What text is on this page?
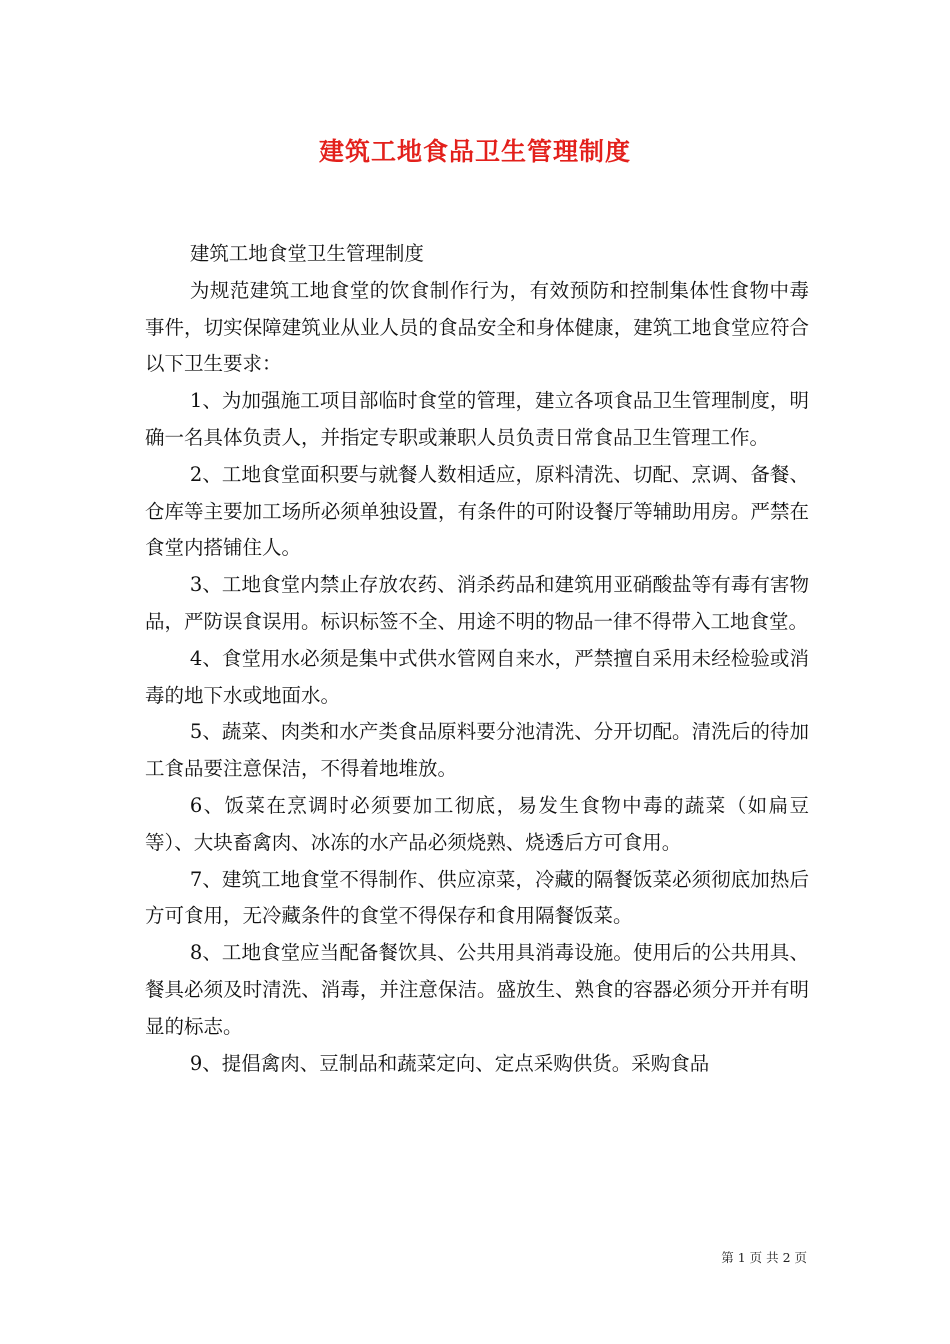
建筑工地食品卫生管理制度

建筑工地食堂卫生管理制度

为规范建筑工地食堂的饮食制作行为，有效预防和控制集体性食物中毒事件，切实保障建筑业从业人员的食品安全和身体健康，建筑工地食堂应符合以下卫生要求：

1、为加强施工项目部临时食堂的管理，建立各项食品卫生管理制度，明确一名具体负责人，并指定专职或兼职人员负责日常食品卫生管理工作。

2、工地食堂面积要与就餐人数相适应，原料清洗、切配、烹调、备餐、仓库等主要加工场所必须单独设置，有条件的可附设餐厅等辅助用房。严禁在食堂内搭铺住人。

3、工地食堂内禁止存放农药、消杀药品和建筑用亚硝酸盐等有毒有害物品，严防误食误用。标识标签不全、用途不明的物品一律不得带入工地食堂。

4、食堂用水必须是集中式供水管网自来水，严禁擅自采用未经检验或消毒的地下水或地面水。

5、蔬菜、肉类和水产类食品原料要分池清洗、分开切配。清洗后的待加工食品要注意保洁，不得着地堆放。

6、饭菜在烹调时必须要加工彻底，易发生食物中毒的蔬菜（如扁豆等）、大块畜禽肉、冰冻的水产品必须烧熟、烧透后方可食用。

7、建筑工地食堂不得制作、供应凉菜，冷藏的隔餐饭菜必须彻底加热后方可食用，无冷藏条件的食堂不得保存和食用隔餐饭菜。

8、工地食堂应当配备餐饮具、公共用具消毒设施。使用后的公共用具、餐具必须及时清洗、消毒，并注意保洁。盛放生、熟食的容器必须分开并有明显的标志。

9、提倡禽肉、豆制品和蔬菜定向、定点采购供货。采购食品

第 1 页 共 2 页
